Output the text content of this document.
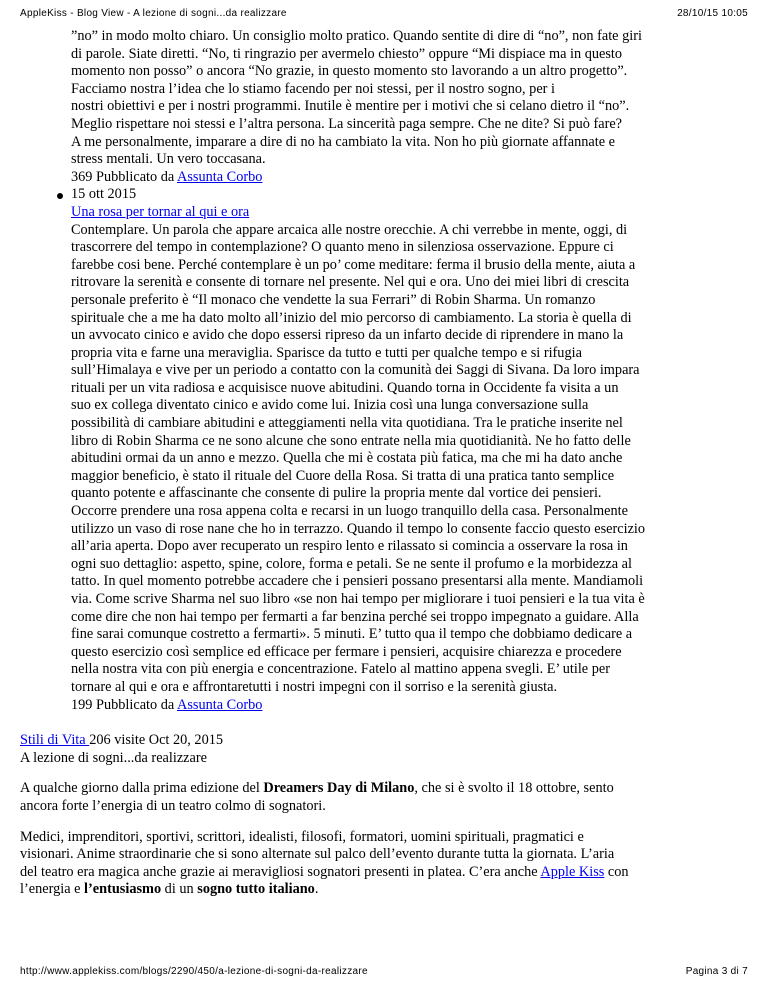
AppleKiss - Blog View - A lezione di sogni...da realizzare	28/10/15 10:05
”no” in modo molto chiaro. Un consiglio molto pratico. Quando sentite di dire di “no”, non fate giri
di parole. Siate diretti. “No, ti ringrazio per avermelo chiesto” oppure “Mi dispiace ma in questo
momento non posso” o ancora “No grazie, in questo momento sto lavorando a un altro progetto”.
Facciamo nostra l’idea che lo stiamo facendo per noi stessi, per il nostro sogno, per i
nostri obiettivi e per i nostri programmi. Inutile è mentire per i motivi che si celano dietro il “no”.
Meglio rispettare noi stessi e l’altra persona. La sincerità paga sempre. Che ne dite? Si può fare?
A me personalmente, imparare a dire di no ha cambiato la vita. Non ho più giornate affannate e
stress mentali. Un vero toccasana.
369 Pubblicato da Assunta Corbo
15 ott 2015
Una rosa per tornar al qui e ora
Contemplare. Un parola che appare arcaica alle nostre orecchie. A chi verrebbe in mente, oggi, di
trascorrere del tempo in contemplazione? O quanto meno in silenziosa osservazione. Eppure ci
farebbe cosi bene. Perché contemplare è un po’ come meditare: ferma il brusio della mente, aiuta a
ritrovare la serenità e consente di tornare nel presente. Nel qui e ora. Uno dei miei libri di crescita
personale preferito è “Il monaco che vendette la sua Ferrari” di Robin Sharma. Un romanzo
spirituale che a me ha dato molto all’inizio del mio percorso di cambiamento. La storia è quella di
un avvocato cinico e avido che dopo essersi ripreso da un infarto decide di riprendere in mano la
propria vita e farne una meraviglia. Sparisce da tutto e tutti per qualche tempo e si rifugia
sull’Himalaya e vive per un periodo a contatto con la comunità dei Saggi di Sivana. Da loro impara
rituali per un vita radiosa e acquisisce nuove abitudini. Quando torna in Occidente fa visita a un
suo ex collega diventato cinico e avido come lui. Inizia così una lunga conversazione sulla
possibilità di cambiare abitudini e atteggiamenti nella vita quotidiana. Tra le pratiche inserite nel
libro di Robin Sharma ce ne sono alcune che sono entrate nella mia quotidianità. Ne ho fatto delle
abitudini ormai da un anno e mezzo. Quella che mi è costata più fatica, ma che mi ha dato anche
maggior beneficio, è stato il rituale del Cuore della Rosa. Si tratta di una pratica tanto semplice
quanto potente e affascinante che consente di pulire la propria mente dal vortice dei pensieri.
Occorre prendere una rosa appena colta e recarsi in un luogo tranquillo della casa. Personalmente
utilizzo un vaso di rose nane che ho in terrazzo. Quando il tempo lo consente faccio questo esercizio
all’aria aperta. Dopo aver recuperato un respiro lento e rilassato si comincia a osservare la rosa in
ogni suo dettaglio: aspetto, spine, colore, forma e petali. Se ne sente il profumo e la morbidezza al
tatto. In quel momento potrebbe accadere che i pensieri possano presentarsi alla mente. Mandiamoli
via. Come scrive Sharma nel suo libro «se non hai tempo per migliorare i tuoi pensieri e la tua vita è
come dire che non hai tempo per fermarti a far benzina perché sei troppo impegnato a guidare. Alla
fine sarai comunque costretto a fermarti». 5 minuti. E’ tutto qua il tempo che dobbiamo dedicare a
questo esercizio così semplice ed efficace per fermare i pensieri, acquisire chiarezza e procedere
nella nostra vita con più energia e concentrazione. Fatelo al mattino appena svegli. E’ utile per
tornare al qui e ora e affrontaretutti i nostri impegni con il sorriso e la serenità giusta.
199 Pubblicato da Assunta Corbo
Stili di Vita 206 visite Oct 20, 2015
A lezione di sogni...da realizzare

A qualche giorno dalla prima edizione del Dreamers Day di Milano, che si è svolto il 18 ottobre, sento
ancora forte l’energia di un teatro colmo di sognatori.

Medici, imprenditori, sportivi, scrittori, idealisti, filosofi, formatori, uomini spirituali, pragmatici e
visionari. Anime straordinarie che si sono alternate sul palco dell’evento durante tutta la giornata. L’aria
del teatro era magica anche grazie ai meravigliosi sognatori presenti in platea. C’era anche Apple Kiss con
l’energia e l’entusiasmo di un sogno tutto italiano.

http://www.applekiss.com/blogs/2290/450/a-lezione-di-sogni-da-realizzare	Pagina 3 di 7
